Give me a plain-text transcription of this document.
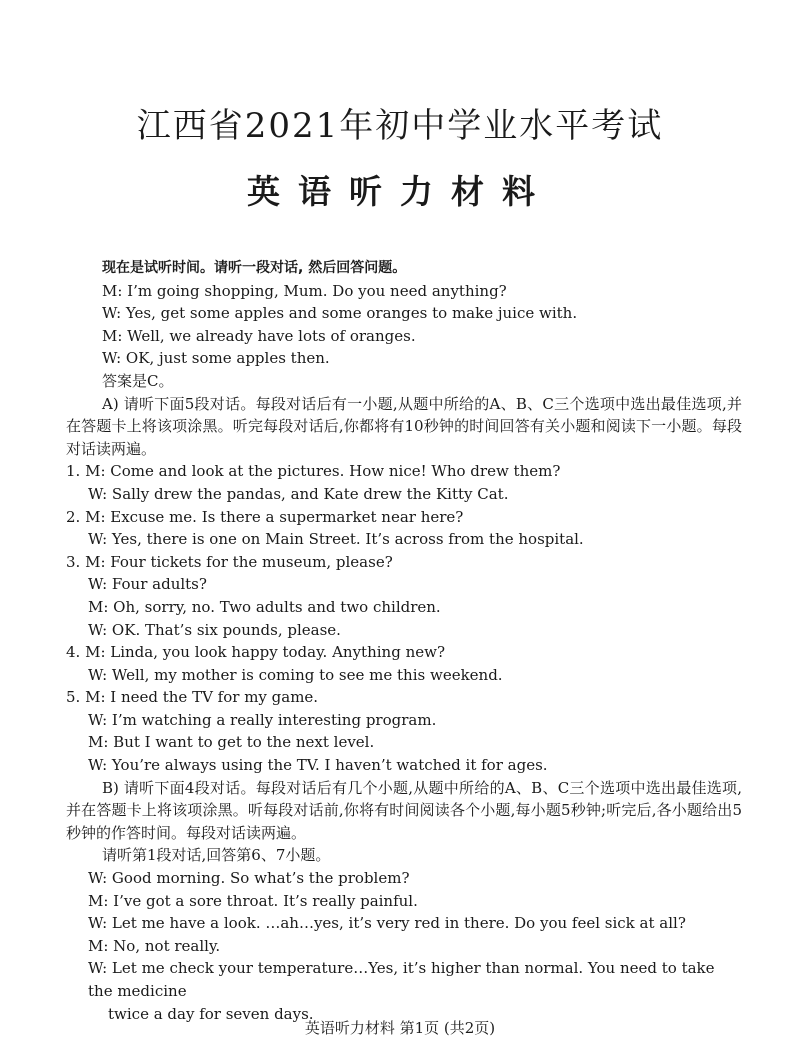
江西省2021年初中学业水平考试
英语听力材料

现在是试听时间。请听一段对话, 然后回答问题。

M: I’m going shopping, Mum. Do you need anything?

W: Yes, get some apples and some oranges to make juice with.

M: Well, we already have lots of oranges.

W: OK, just some apples then.

答案是C。

A) 请听下面5段对话。每段对话后有一小题,从题中所给的A、B、C三个选项中选出最佳选项,并在答题卡上将该项涂黑。听完每段对话后,你都将有10秒钟的时间回答有关小题和阅读下一小题。每段对话读两遍。

1. M: Come and look at the pictures. How nice! Who drew them?

W: Sally drew the pandas, and Kate drew the Kitty Cat.

2. M: Excuse me. Is there a supermarket near here?

W: Yes, there is one on Main Street. It’s across from the hospital.

3. M: Four tickets for the museum, please?

W: Four adults?

M: Oh, sorry, no. Two adults and two children.

W: OK. That’s six pounds, please.

4. M: Linda, you look happy today. Anything new?

W: Well, my mother is coming to see me this weekend.

5. M: I need the TV for my game.

W: I’m watching a really interesting program.

M: But I want to get to the next level.

W: You’re always using the TV. I haven’t watched it for ages.

B) 请听下面4段对话。每段对话后有几个小题,从题中所给的A、B、C三个选项中选出最佳选项,并在答题卡上将该项涂黑。听每段对话前,你将有时间阅读各个小题,每小题5秒钟;听完后,各小题给出5秒钟的作答时间。每段对话读两遍。

请听第1段对话,回答第6、7小题。

W: Good morning. So what’s the problem?

M: I’ve got a sore throat. It’s really painful.

W: Let me have a look. …ah…yes, it’s very red in there. Do you feel sick at all?

M: No, not really.

W: Let me check your temperature…Yes, it’s higher than normal. You need to take the medicine

twice a day for seven days.

英语听力材料 第1页 (共2页)
